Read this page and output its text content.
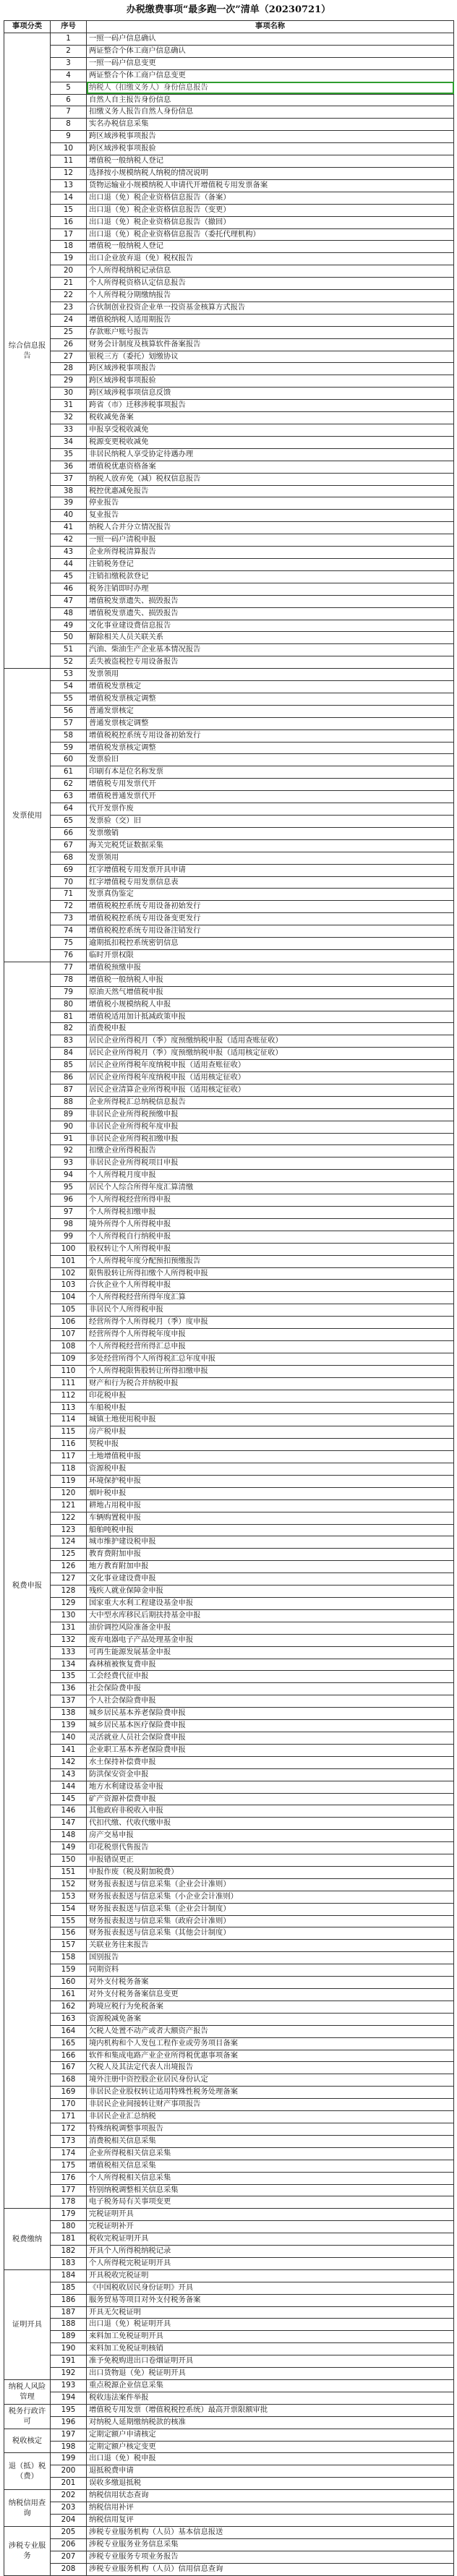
办税缴费事项“最多跑一次”清单（20230721）
事项分类	序号	事项名称
综合信息报告	1	一照一码户信息确认
	2	两证整合个体工商户信息确认
	3	一照一码户信息变更
	4	两证整合个体工商户信息变更
	5	纳税人（扣缴义务人）身份信息报告
	6	自然人自主报告身份信息
	7	扣缴义务人报告自然人身份信息
	8	实名办税信息采集
	9	跨区域涉税事项报告
	10	跨区域涉税事项报验
	11	增值税一般纳税人登记
	12	选择按小规模纳税人纳税的情况说明
	13	货物运输业小规模纳税人申请代开增值税专用发票备案
	14	出口退（免）税企业资格信息报告（备案）
	15	出口退（免）税企业资格信息报告（变更）
	16	出口退（免）税企业资格信息报告（撤回）
	17	出口退（免）税企业资格信息报告（委托代理机构）
	18	增值税一般纳税人登记
	19	出口企业放弃退（免）税权报告
	20	个人所得税纳税记录信息
	21	个人所得税资格认定信息报告
	22	个人所得税分期缴纳报告
	23	合伙制创业投资企业单一投资基金核算方式报告
	24	增值税纳税人适用期报告
	25	存款账户账号报告
	26	财务会计制度及核算软件备案报告
	27	银税三方（委托）划缴协议
	28	跨区域涉税事项报告
	29	跨区域涉税事项报验
	30	跨区域涉税事项信息反馈
	31	跨省（市）迁移涉税事项报告
	32	税收减免备案
	33	申报享受税收减免
	34	税源变更税收减免
	35	非居民纳税人享受协定待遇办理
	36	增值税优惠资格备案
	37	纳税人放弃免（减）税权信息报告
	38	税控优惠减免报告
	39	停业报告
	40	复业报告
	41	纳税人合并分立情况报告
	42	一照一码户清税申报
	43	企业所得税清算报告
	44	注销税务登记
	45	注销扣缴税款登记
	46	税务注销即时办理
	47	增值税发票遗失、损毁报告
	48	增值税发票遗失、损毁报告
	49	文化事业建设费信息报告
	50	解除相关人员关联关系
	51	汽油、柴油生产企业基本情况报告
	52	丢失被盗税控专用设备报告
发票使用	53	发票领用
	54	增值税发票核定
	55	增值税发票核定调整
	56	普通发票核定
	57	普通发票核定调整
	58	增值税税控系统专用设备初始发行
	59	增值税发票核定调整
	60	发票验旧
	61	印刷有本是位名称发票
	62	增值税专用发票代开
	63	增值税普通发票代开
	64	代开发票作废
	65	发票验（交）旧
	66	发票缴销
	67	海关完税凭证数据采集
	68	发票领用
	69	红字增值税专用发票开具申请
	70	红字增值税专用发票信息表
	71	发票真伪鉴定
	72	增值税税控系统专用设备初始发行
	73	增值税税控系统专用设备变更发行
	74	增值税税控系统专用设备注销发行
	75	逾期抵扣税控系统密钥信息
	76	临时开票权限
税费申报	77	增值税预缴申报
	78	增值税一般纳税人申报
	79	原油天然气增值税申报
	80	增值税小规模纳税人申报
	81	增值税适用加计抵减政策申报
	82	消费税申报
	83	居民企业所得税月（季）度预缴纳税申报（适用查账征收）
	84	居民企业所得税月（季）度预缴纳税申报（适用核定征收）
	85	居民企业所得税年度纳税申报（适用查账征收）
	86	居民企业所得税年度纳税申报（适用核定征收）
	87	居民企业清算企业所得税申报（适用核定征收）
	88	企业所得税汇总纳税信息报告
	89	非居民企业所得税预缴申报
	90	非居民企业所得税年度申报
	91	非居民企业所得税扣缴申报
	92	扣缴企业所得税报告
	93	非居民企业所得税项目申报
	94	个人所得税月度申报
	95	居民个人综合所得年度汇算清缴
	96	个人所得税经营所得申报
	97	个人所得税扣缴申报
	98	境外所得个人所得税申报
	99	个人所得税自行纳税申报
	100	股权转让个人所得税申报
	101	个人所得税年度分配预扣预缴报告
	102	限售股转让所得扣缴个人所得税申报
	103	合伙企业个人所得税申报
	104	个人所得税经营所得年度汇算
	105	非居民个人所得税申报
	106	经营所得个人所得税月（季）度申报
	107	经营所得个人所得税年度申报
	108	个人所得税经营所得汇总申报
	109	多处经营所得个人所得税汇总年度申报
	110	个人所得税限售股转让所得扣缴申报
	111	财产和行为税合并纳税申报
	112	印花税申报
	113	车船税申报
	114	城镇土地使用税申报
	115	房产税申报
	116	契税申报
	117	土地增值税申报
	118	资源税申报
	119	环境保护税申报
	120	烟叶税申报
	121	耕地占用税申报
	122	车辆购置税申报
	123	船舶吨税申报
	124	城市维护建设税申报
	125	教育费附加申报
	126	地方教育附加申报
	127	文化事业建设费申报
	128	残疾人就业保障金申报
	129	国家重大水利工程建设基金申报
	130	大中型水库移民后期扶持基金申报
	131	油价调控风险准备金申报
	132	废弃电器电子产品处理基金申报
	133	可再生能源发展基金申报
	134	森林植被恢复费申报
	135	工会经费代征申报
	136	社会保险费申报
	137	个人社会保险费申报
	138	城乡居民基本养老保险费申报
	139	城乡居民基本医疗保险费申报
	140	灵活就业人员社会保险费申报
	141	企业职工基本养老保险费申报
	142	水土保持补偿费申报
	143	防洪保安资金申报
	144	地方水利建设基金申报
	145	矿产资源补偿费申报
	146	其他政府非税收入申报
	147	代扣代缴、代收代缴申报
	148	房产交易申报
	149	印花税票代售报告
	150	申报错误更正
	151	申报作废（税及附加税费）
	152	财务报表报送与信息采集（企业会计准则）
	153	财务报表报送与信息采集（小企业会计准则）
	154	财务报表报送与信息采集（企业会计制度）
	155	财务报表报送与信息采集（政府会计准则）
	156	财务报表报送与信息采集（其他会计制度）
	157	关联业务往来报告
	158	国别报告
	159	同期资料
	160	对外支付税务备案
	161	对外支付税务备案信息变更
	162	跨境应税行为免税备案
	163	资源税减免备案
	164	欠税人处置不动产或者大额资产报告
	165	境内机构和个人发包工程作业或劳务项目备案
	166	软件和集成电路产业企业所得税优惠事项备案
	167	欠税人及其法定代表人出境报告
	168	境外注册中资控股企业居民身份认定
	169	非居民企业股权转让适用特殊性税务处理备案
	170	非居民企业间接转让财产事项报告
	171	非居民企业汇总纳税
	172	特殊纳税调整事项报告
	173	消费税相关信息采集
	174	企业所得税相关信息采集
	175	增值税相关信息采集
	176	个人所得税相关信息采集
	177	特别纳税调整相关信息采集
	178	电子税务局有关事项变更
税费缴纳	179	完税证明开具
	180	完税证明补开
	181	税收完税证明开具
	182	开具个人所得税纳税记录
	183	个人所得税完税证明开具
证明开具	184	开具税收完税证明
	185	《中国税收居民身份证明》开具
	186	服务贸易等项目对外支付税务备案
	187	开具无欠税证明
	188	出口退（免）税证明开具
	189	来料加工免税证明开具
	190	来料加工免税证明核销
	191	准予免税购进出口卷烟证明开具
	192	出口货物退（免）税证明开具
纳税人风险管理	193	重点税源企业信息采集
	194	税收违法案件举报
税务行政许可	195	增值税专用发票（增值税税控系统）最高开票限额审批
	196	对纳税人延期缴纳税款的核准
税收核定	197	定期定额户申请核定
	198	定期定额户核定变更
退（抵）税（费）	199	出口退（免）税申报
	200	退抵税费申请
	201	误收多缴退抵税
纳税信用查询	202	纳税信用状态查询
	203	纳税信用补评
	204	纳税信用复评
涉税专业服务	205	涉税专业服务机构（人员）基本信息报送
	206	涉税专业服务业务信息采集
	207	涉税专业服务专项业务报告
	208	涉税专业服务机构（人员）信用信息查询
